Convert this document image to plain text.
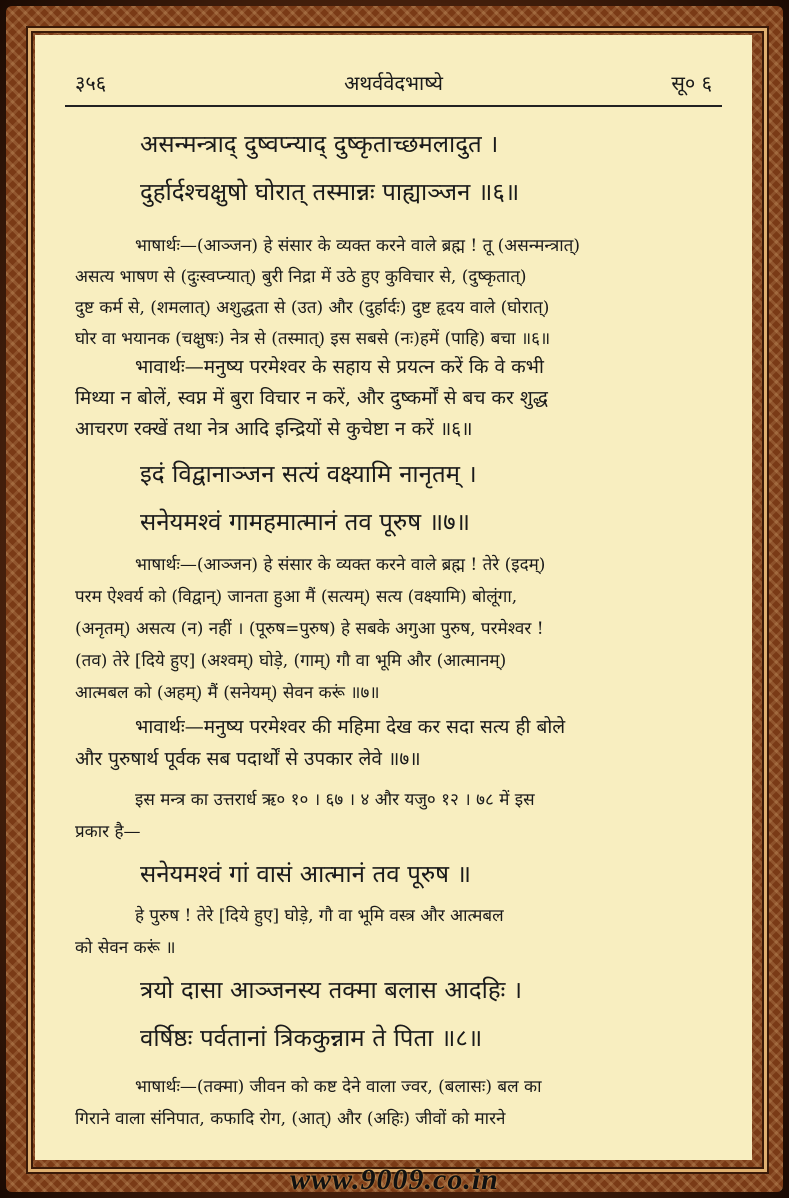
३५६	अथर्ववेदभाष्ये	सू० ६
असन्मन्त्राद् दुष्वप्न्याद् दुष्कृताच्छमलादुत ।
दुर्हार्दश्चक्षुषो घोरात् तस्मान्नः पाह्याञ्जन ॥६॥
भाषार्थः—(आञ्जन) हे संसार के व्यक्त करने वाले ब्रह्म ! तू (असन्मन्त्रात्)
असत्य भाषण से (दुःस्वप्न्यात्) बुरी निद्रा में उठे हुए कुविचार से, (दुष्कृतात्)
दुष्ट कर्म से, (शमलात्) अशुद्धता से (उत) और (दुर्हार्दः) दुष्ट हृदय वाले (घोरात्)
घोर वा भयानक (चक्षुषः) नेत्र से (तस्मात्) इस सबसे (नः)हमें (पाहि) बचा ॥६॥
भावार्थः—मनुष्य परमेश्वर के सहाय से प्रयत्न करें कि वे कभी
मिथ्या न बोलें, स्वप्न में बुरा विचार न करें, और दुष्कर्मों से बच कर शुद्ध
आचरण रक्खें तथा नेत्र आदि इन्द्रियों से कुचेष्टा न करें ॥६॥
इदं विद्वानाञ्जन सत्यं वक्ष्यामि नानृतम् ।
सनेयमश्वं गामहमात्मानं तव पूरुष ॥७॥
भाषार्थः—(आञ्जन) हे संसार के व्यक्त करने वाले ब्रह्म ! तेरे (इदम्)
परम ऐश्वर्य को (विद्वान्) जानता हुआ मैं (सत्यम्) सत्य (वक्ष्यामि) बोलूंगा,
(अनृतम्) असत्य (न) नहीं । (पूरुष=पुरुष) हे सबके अगुआ पुरुष, परमेश्वर !
(तव) तेरे [दिये हुए] (अश्वम्) घोड़े, (गाम्) गौ वा भूमि और (आत्मानम्)
आत्मबल को (अहम्) मैं (सनेयम्) सेवन करूं ॥७॥
भावार्थः—मनुष्य परमेश्वर की महिमा देख कर सदा सत्य ही बोले
और पुरुषार्थ पूर्वक सब पदार्थों से उपकार लेवे ॥७॥
इस मन्त्र का उत्तरार्ध ऋ० १० । ६७ । ४ और यजु० १२ । ७८ में इस
प्रकार है—
सनेयमश्वं गां वासं आत्मानं तव पूरुष ॥
हे पुरुष ! तेरे [दिये हुए] घोड़े, गौ वा भूमि वस्त्र और आत्मबल
को सेवन करूं ॥
त्रयो दासा आञ्जनस्य तक्मा बलास आदहिः ।
वर्षिष्ठः पर्वतानां त्रिककुन्नाम ते पिता ॥८॥
भाषार्थः—(तक्मा) जीवन को कष्ट देने वाला ज्वर, (बलासः) बल का
गिराने वाला संनिपात, कफादि रोग, (आत्) और (अहिः) जीवों को मारने
www.9009.co.in
